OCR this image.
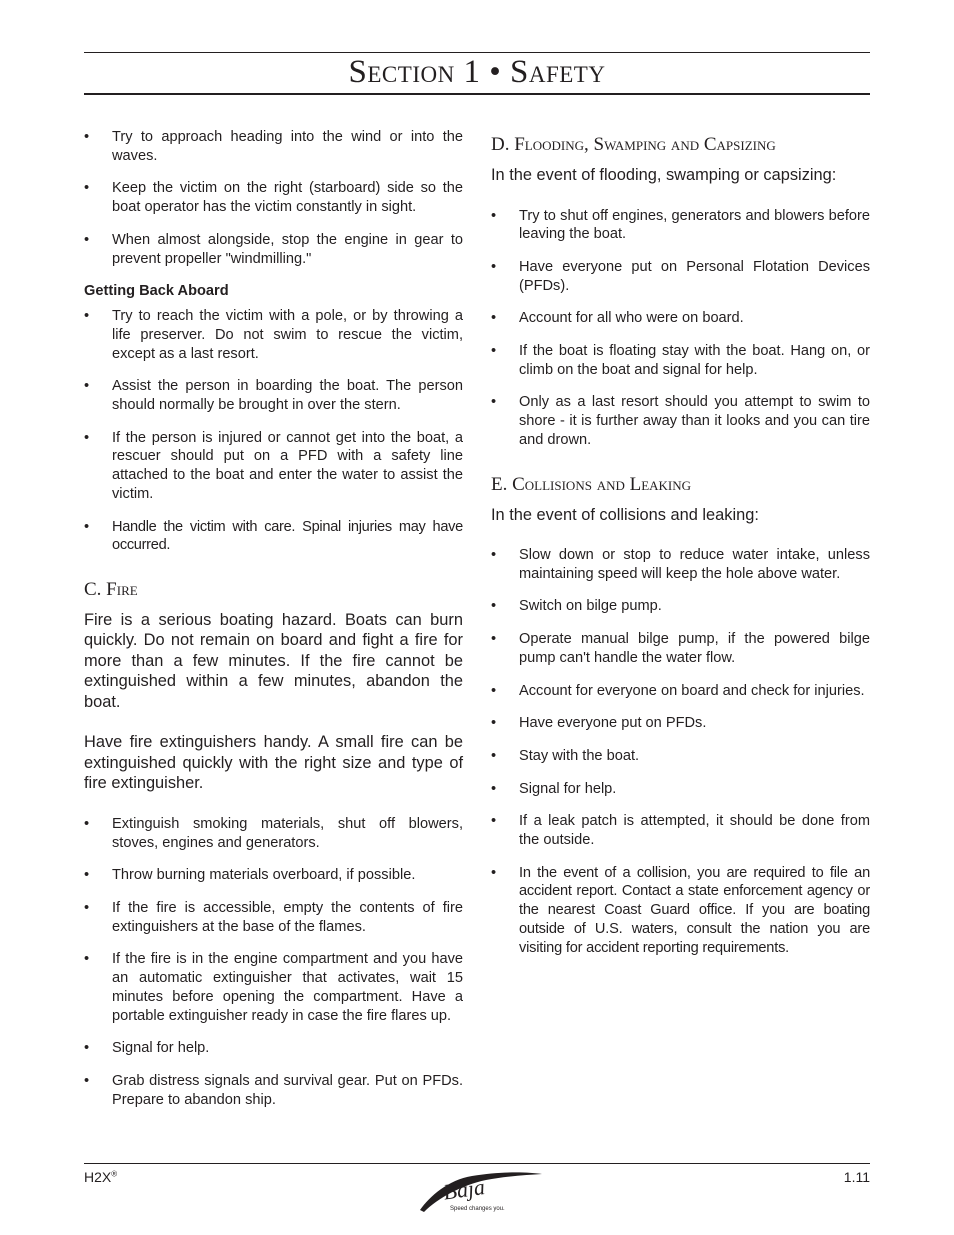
Section 1 • Safety
• Try to approach heading into the wind or into the waves.
• Keep the victim on the right (starboard) side so the boat operator has the victim constantly in sight.
• When almost alongside, stop the engine in gear to prevent propeller "windmilling."
Getting Back Aboard
• Try to reach the victim with a pole, or by throwing a life preserver. Do not swim to rescue the victim, except as a last resort.
• Assist the person in boarding the boat. The person should normally be brought in over the stern.
• If the person is injured or cannot get into the boat, a rescuer should put on a PFD with a safety line attached to the boat and enter the water to assist the victim.
• Handle the victim with care. Spinal injuries may have occurred.
C. Fire

Fire is a serious boating hazard. Boats can burn quickly. Do not remain on board and fight a fire for more than a few minutes. If the fire cannot be extinguished within a few minutes, abandon the boat.

Have fire extinguishers handy. A small fire can be extinguished quickly with the right size and type of fire extinguisher.

• Extinguish smoking materials, shut off blowers, stoves, engines and generators.
• Throw burning materials overboard, if possible.
• If the fire is accessible, empty the contents of fire extinguishers at the base of the flames.
• If the fire is in the engine compartment and you have an automatic extinguisher that activates, wait 15 minutes before opening the compartment. Have a portable extinguisher ready in case the fire flares up.
• Signal for help.
• Grab distress signals and survival gear. Put on PFDs. Prepare to abandon ship.
D. Flooding, Swamping and Capsizing
In the event of flooding, swamping or capsizing:
• Try to shut off engines, generators and blowers before leaving the boat.
• Have everyone put on Personal Flotation Devices (PFDs).
• Account for all who were on board.
• If the boat is floating stay with the boat. Hang on, or climb on the boat and signal for help.
• Only as a last resort should you attempt to swim to shore - it is further away than it looks and you can tire and drown.
E. Collisions and Leaking
In the event of collisions and leaking:
• Slow down or stop to reduce water intake, unless maintaining speed will keep the hole above water.
• Switch on bilge pump.
• Operate manual bilge pump, if the powered bilge pump can't handle the water flow.
• Account for everyone on board and check for injuries.
• Have everyone put on PFDs.
• Stay with the boat.
• Signal for help.
• If a leak patch is attempted, it should be done from the outside.
• In the event of a collision, you are required to file an accident report. Contact a state enforcement agency or the nearest Coast Guard office. If you are boating outside of U.S. waters, consult the nation you are visiting for accident reporting requirements.
H2X®
Baja
Speed changes you.
1.11
